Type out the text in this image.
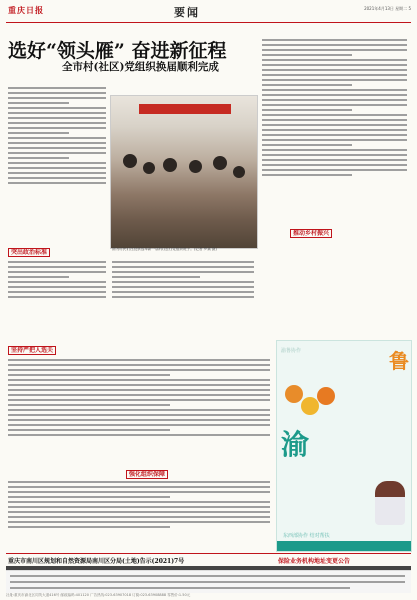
重庆日报	要闻	2021年4月13日 星期二 5
选好“领头雁” 奋进新征程
全市村(社区)党组织换届顺利完成
突出政治标准	图为村民们在投票选举新一届村(社区)党组织班子。(记者 罗斌 摄)
推动乡村振兴
坚持严把人选关
强化组织保障
渝鲁协作	鲁
渝
东西部协作 结对帮扶
重庆市南川区规划和自然资源局南川区分局(土地)告示(2021)7号	保险业务机构地址变更公告
社址:重庆市渝北区同茂大道416号 邮政编码:401120 广告热线:023-63907018 订阅:023-63908888 零售价:1.50元
